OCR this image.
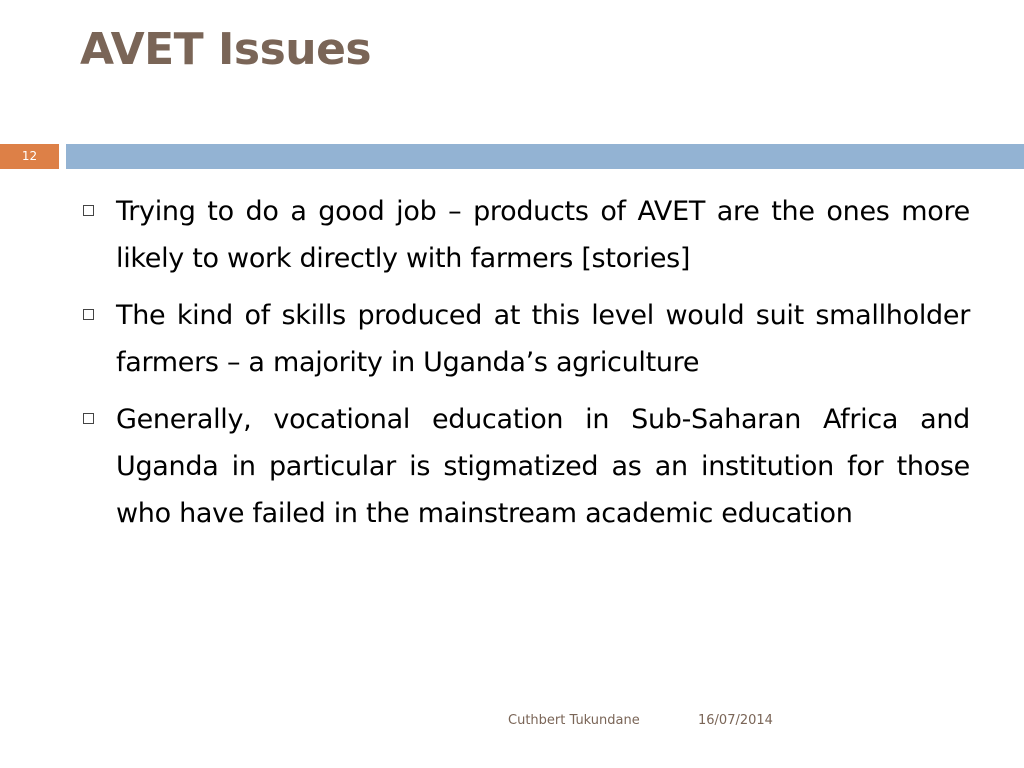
AVET Issues
12
Trying to do a good job – products of AVET are the ones more likely to work directly with farmers [stories]
The kind of skills produced at this level would suit smallholder farmers – a majority in Uganda’s agriculture
Generally, vocational education in Sub-Saharan Africa and Uganda in particular is stigmatized as an institution for those who have failed in the mainstream academic education
Cuthbert Tukundane	16/07/2014
